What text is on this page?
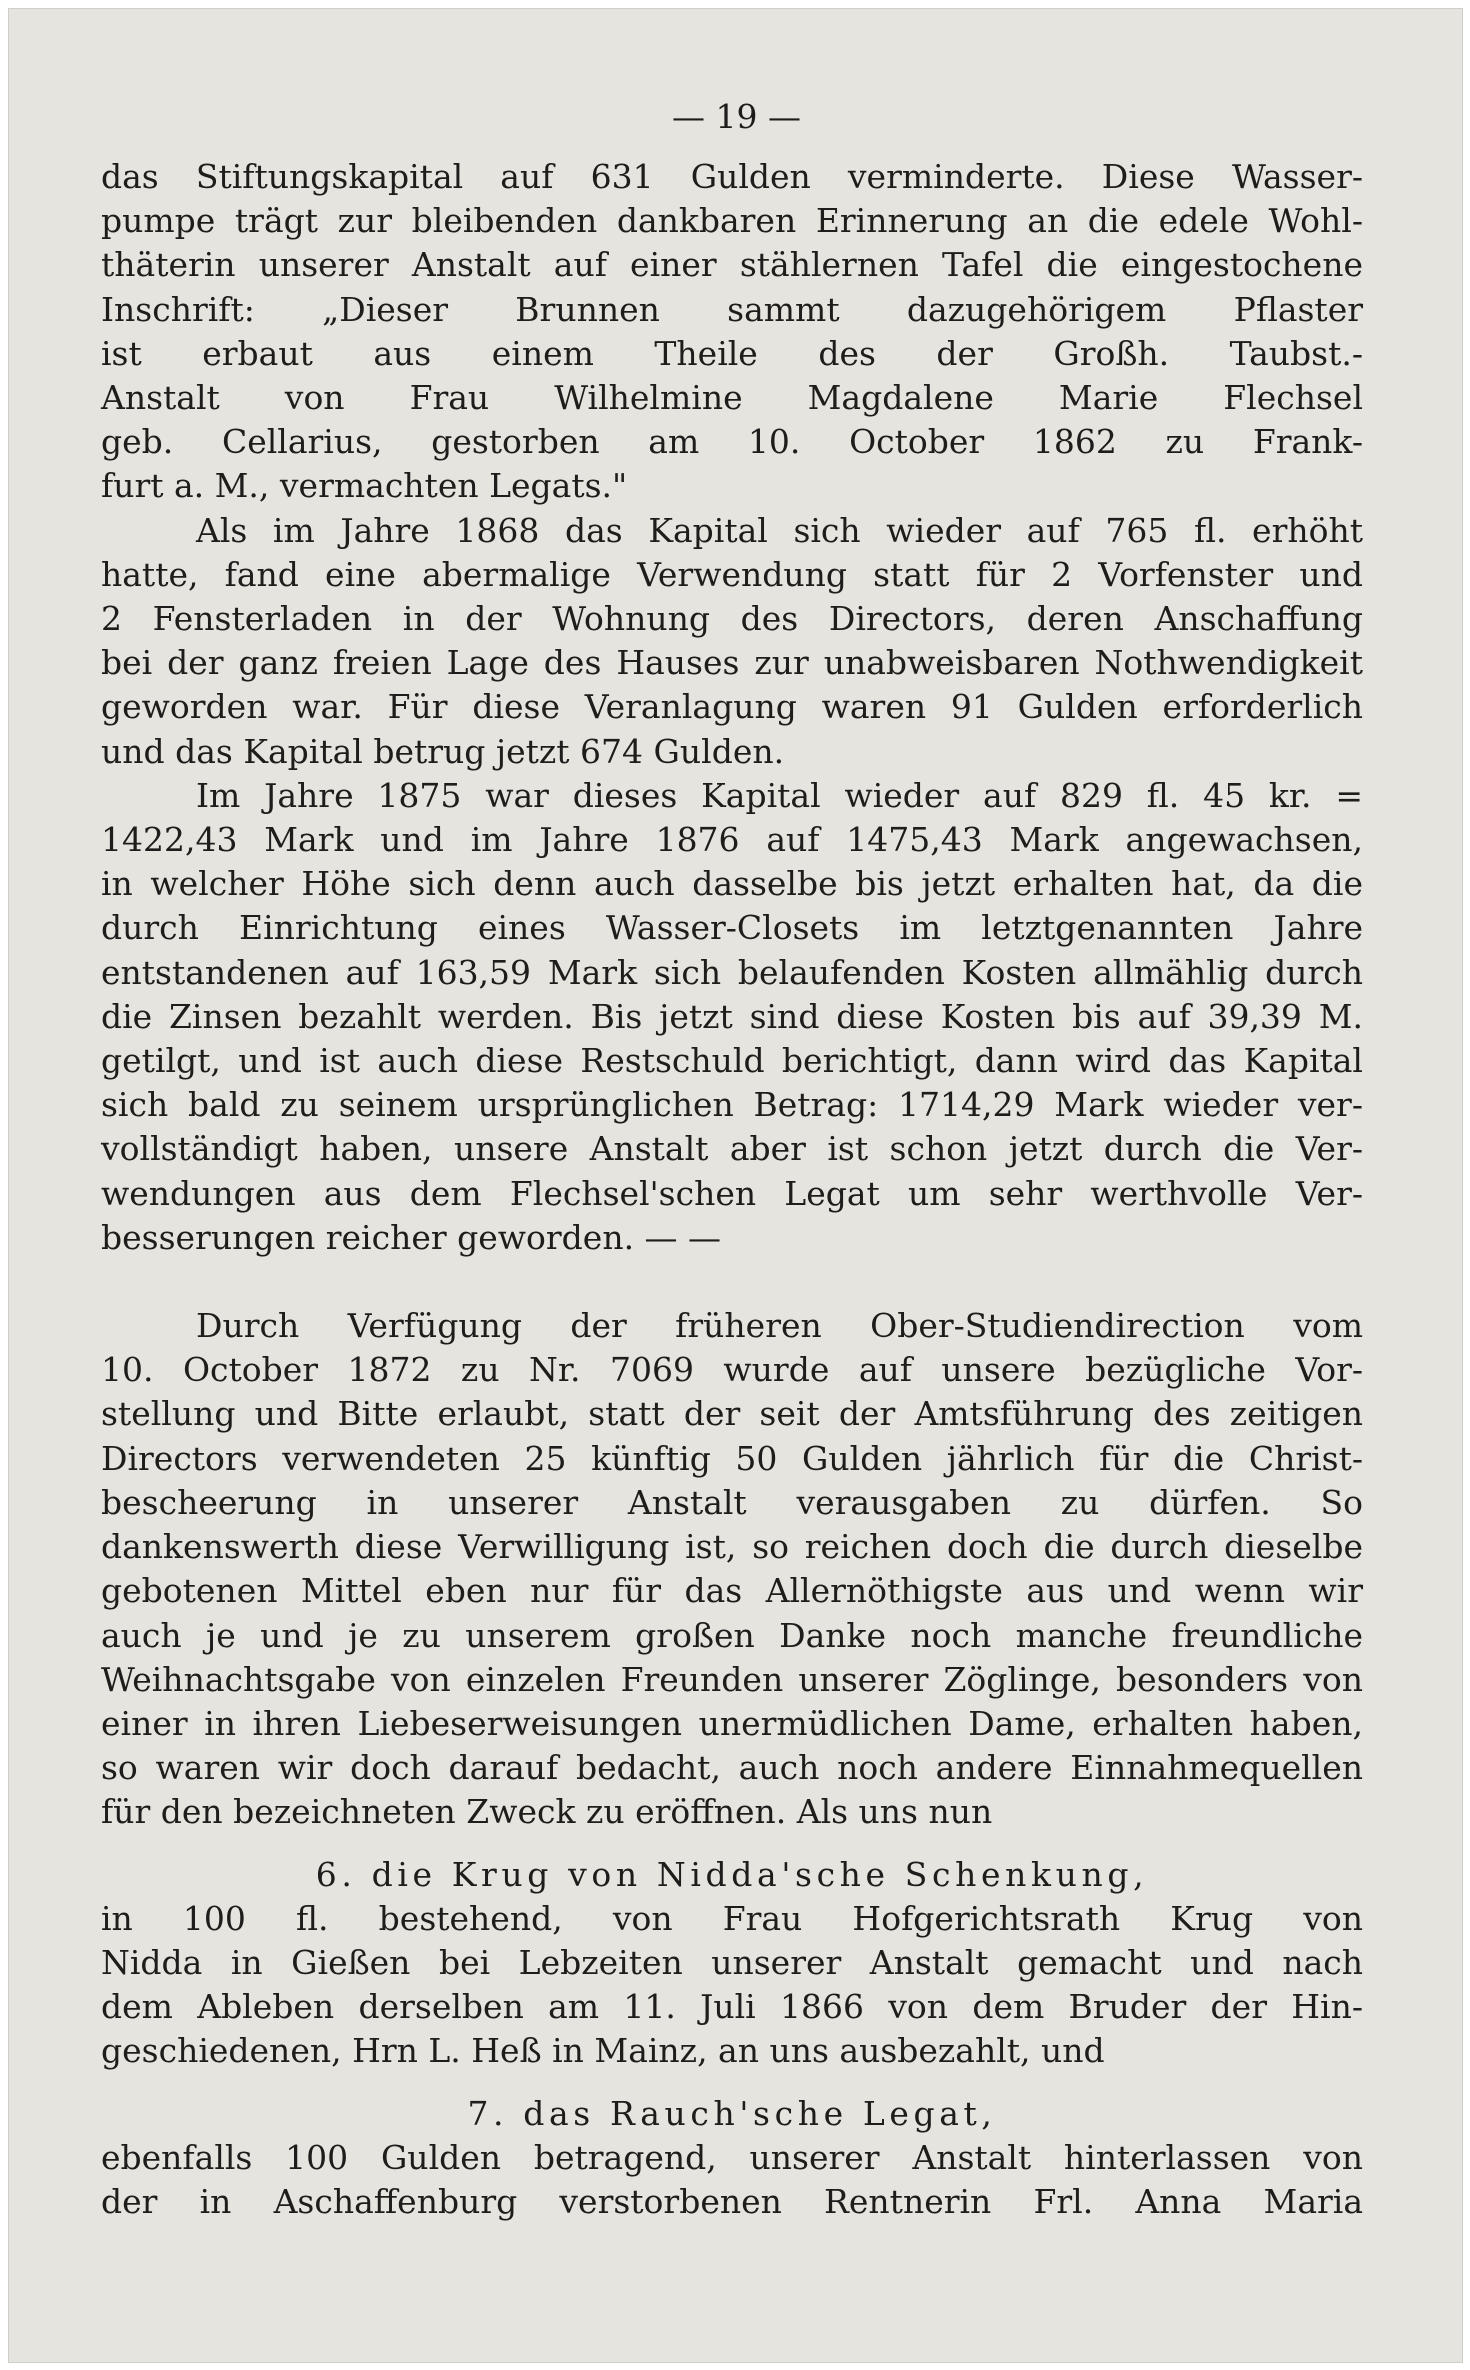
— 19 —
das Stiftungskapital auf 631 Gulden verminderte. Diese Wasser-
pumpe trägt zur bleibenden dankbaren Erinnerung an die edele Wohl-
thäterin unserer Anstalt auf einer stählernen Tafel die eingestochene
Inschrift: „Dieser Brunnen sammt dazugehörigem Pflaster
ist erbaut aus einem Theile des der Großh. Taubst.-
Anstalt von Frau Wilhelmine Magdalene Marie Flechsel
geb. Cellarius, gestorben am 10. October 1862 zu Frank-
furt a. M., vermachten Legats."
Als im Jahre 1868 das Kapital sich wieder auf 765 fl. erhöht
hatte, fand eine abermalige Verwendung statt für 2 Vorfenster und
2 Fensterladen in der Wohnung des Directors, deren Anschaffung
bei der ganz freien Lage des Hauses zur unabweisbaren Nothwendigkeit
geworden war. Für diese Veranlagung waren 91 Gulden erforderlich
und das Kapital betrug jetzt 674 Gulden.
Im Jahre 1875 war dieses Kapital wieder auf 829 fl. 45 kr. =
1422,43 Mark und im Jahre 1876 auf 1475,43 Mark angewachsen,
in welcher Höhe sich denn auch dasselbe bis jetzt erhalten hat, da die
durch Einrichtung eines Wasser-Closets im letztgenannten Jahre
entstandenen auf 163,59 Mark sich belaufenden Kosten allmählig durch
die Zinsen bezahlt werden. Bis jetzt sind diese Kosten bis auf 39,39 M.
getilgt, und ist auch diese Restschuld berichtigt, dann wird das Kapital
sich bald zu seinem ursprünglichen Betrag: 1714,29 Mark wieder ver-
vollständigt haben, unsere Anstalt aber ist schon jetzt durch die Ver-
wendungen aus dem Flechsel'schen Legat um sehr werthvolle Ver-
besserungen reicher geworden. — —
Durch Verfügung der früheren Ober-Studiendirection vom
10. October 1872 zu Nr. 7069 wurde auf unsere bezügliche Vor-
stellung und Bitte erlaubt, statt der seit der Amtsführung des zeitigen
Directors verwendeten 25 künftig 50 Gulden jährlich für die Christ-
bescheerung in unserer Anstalt verausgaben zu dürfen. So
dankenswerth diese Verwilligung ist, so reichen doch die durch dieselbe
gebotenen Mittel eben nur für das Allernöthigste aus und wenn wir
auch je und je zu unserem großen Danke noch manche freundliche
Weihnachtsgabe von einzelen Freunden unserer Zöglinge, besonders von
einer in ihren Liebeserweisungen unermüdlichen Dame, erhalten haben,
so waren wir doch darauf bedacht, auch noch andere Einnahmequellen
für den bezeichneten Zweck zu eröffnen. Als uns nun
6. die Krug von Nidda'sche Schenkung,
in 100 fl. bestehend, von Frau Hofgerichtsrath Krug von
Nidda in Gießen bei Lebzeiten unserer Anstalt gemacht und nach
dem Ableben derselben am 11. Juli 1866 von dem Bruder der Hin-
geschiedenen, Hrn L. Heß in Mainz, an uns ausbezahlt, und
7. das Rauch'sche Legat,
ebenfalls 100 Gulden betragend, unserer Anstalt hinterlassen von
der in Aschaffenburg verstorbenen Rentnerin Frl. Anna Maria
